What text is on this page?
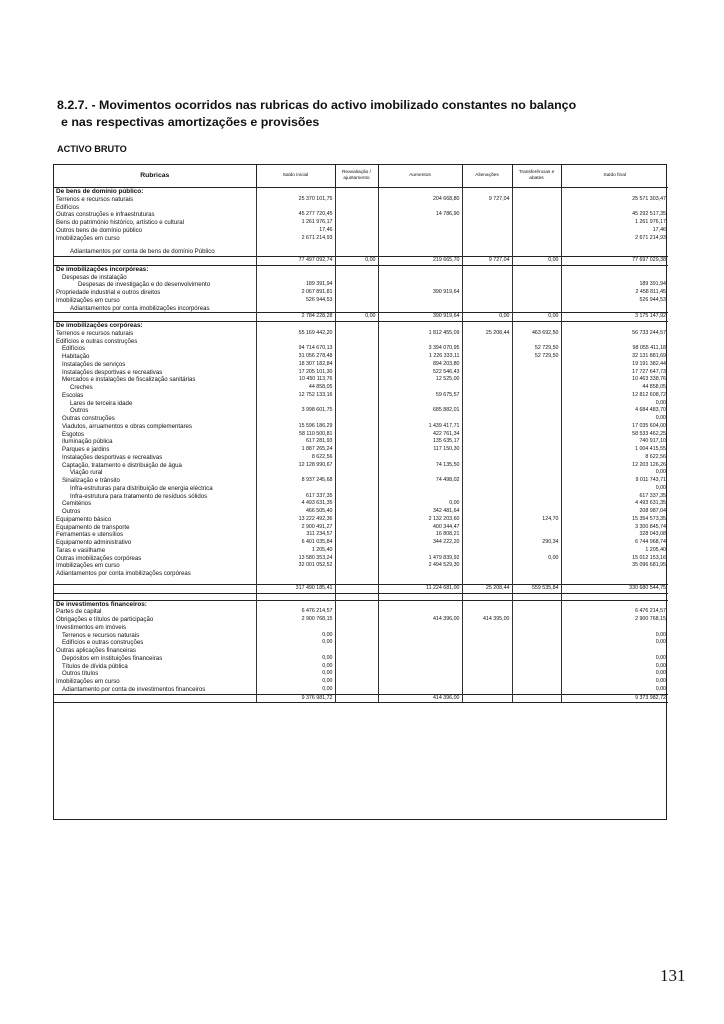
8.2.7. - Movimentos ocorridos nas rubricas do activo imobilizado constantes no balanço
e nas respectivas amortizações e provisões
ACTIVO BRUTO
Rubricas	Saldo inicial	Reavaliação / ajustamento	Aumentos	Alienações	Transferências e abates	Saldo final
De bens de domínio público:						
Terrenos e recursos naturais	25 370 101,75		204 668,80	9 727,04		25 571 303,47
Edifícios						
Outras construções e infraestruturas	45 277 720,45		14 786,90			45 292 517,35
Bens do património histórico, artístico e cultural	1 261 976,17					1 261 976,17
Outros bens de domínio público	17,46					17,46
Imobilizações em curso	2 671 214,93					2 671 214,93

Adiantamentos por conta de bens de domínio Público						
	77 497 092,74	0,00	219 665,70	9 727,04	0,00	77 697 029,38
De imobilizações incorpóreas:						
Despesas de instalação						
Despesas de investigação e do desenvolvimento	189 391,94					189 391,94
Propriedade industrial e outros direitos	2 067 891,81		390 919,64			2 458 811,45
Imobilizações em curso	526 944,53					526 944,53
Adiantamentos por conta imobilizações incorpóreas						
	2 784 228,28	0,00	390 919,64	0,00	0,00	3 175 147,92
De imobilizações corpóreas:						
Terrenos e recursos naturais	55 169 442,20		1 812 455,09	25 208,44	463 692,50	56 733 244,57
Edifícios e outras construções						
Edifícios	94 714 670,13		3 394 070,95		52 729,50	98 055 411,18
Habitação	31 056 278,48		1 226 333,11		52 729,50	32 131 881,69
Instalações de serviços	18 307 182,84		894 203,80			19 191 382,44
Instalações desportivas e recreativas	17 205 101,30		522 546,43			17 727 647,73
Mercados e instalações de fiscalização sanitárias	10 450 113,76		12 525,00			10 463 338,76
Creches	44 858,05					44 858,05
Escolas	12 752 133,16		59 675,57			12 812 608,72
Lares de terceira idade						0,00
Outros	3 998 601,75		685 882,01			4 684 483,70
Outras construções						0,00
Viadutos, arruamentos e obras complementares	15 596 186,29		1 439 417,71			17 035 604,00
Esgotos	58 110 500,81		422 761,34			58 533 462,25
Iluminação pública	617 281,93		135 635,17			740 917,10
Parques e jardins	1 887 265,24		117 150,30			1 004 415,55
Instalações desportivas e recreativas	8 622,56					8 622,56
Captação, tratamento e distribuição de água	12 128 990,67		74 135,50			12 203 126,26
Viação rural						0,00
Sinalização e trânsito	8 937 245,68		74 498,02			9 011 743,71
Infra-estruturas para distribuição de energia eléctrica						0,00
Infra-estrutura para tratamento de resíduos sólidos	617 337,35					617 337,35
Cemitérios	4 493 631,35		0,00			4 493 631,35
Outros	466 505,40		342 481,64			208 987,04
Equipamento básico	13 222 492,36		2 132 203,60		124,70	15 354 573,35
Equipamento de transporte	2 900 491,27		400 344,47			3 300 845,74
Ferramentas e utensílios	311 234,57		16 808,21			328 043,08
Equipamento administrativo	6 401 035,84		344 222,20		290,34	6 744 968,74
Taras e vasilhame	1 205,40					1 205,40
Outras imobilizações corpóreas	13 580 353,24		1 479 839,92		0,00	15 012 153,16
Imobilizações em curso	32 001 052,52		2 494 529,30			35 096 681,95
Adiantamentos por conta imobilizações corpóreas						

	317 490 185,41		11 224 681,00	25 208,44	559 535,84	330 680 544,75

De investimentos financeiros:						
Partes de capital	6 476 214,57					6 476 214,57
Obrigações e títulos de participação	2 900 768,15		414 396,00	414 395,00		2 900 768,15
Investimentos em imóveis						
Terrenos e recursos naturais	0,00					0,00
Edifícios e outras construções	0,00					0,00
Outras aplicações financeiras						
Depósitos em instituições financeiras	0,00					0,00
Títulos de dívida pública	0,00					0,00
Outros títulos	0,00					0,00
Imobilizações em curso	0,00					0,00
Adiantamento por conta de investimentos financeiros	0,00					0,00
	9 376 981,72		414 396,00			9 373 982,72

131
